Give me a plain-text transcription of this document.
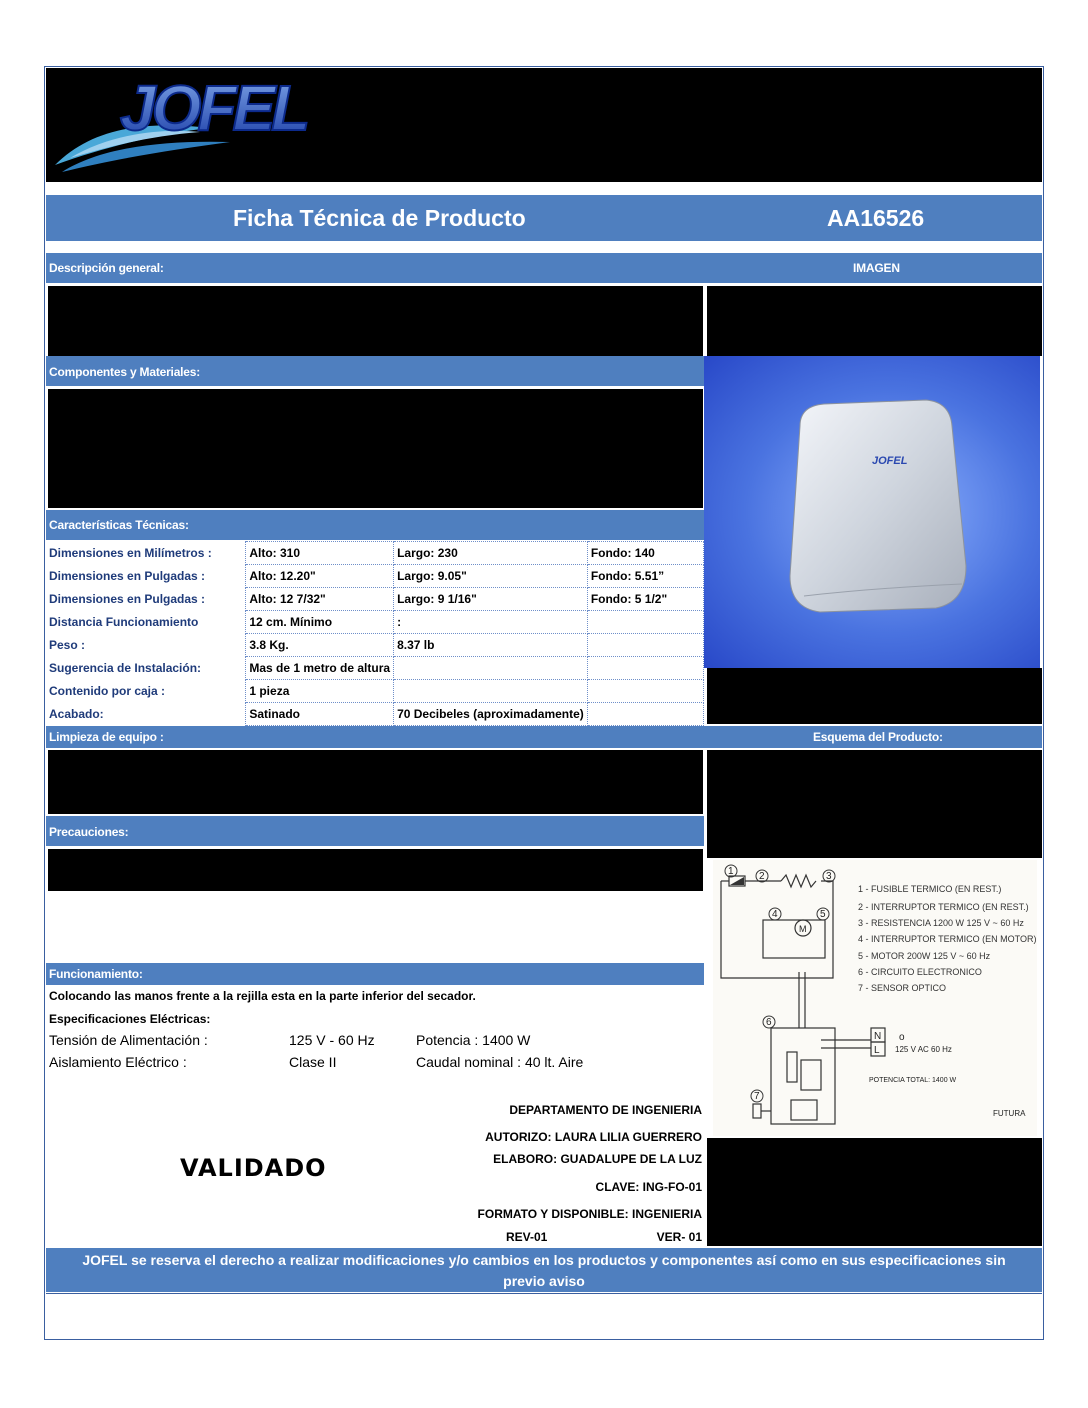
JOFEL
Ficha Técnica de Producto	AA16526
Descripción general:	IMAGEN
Componentes y Materiales:
JOFEL
Características Técnicas:
Dimensiones en Milímetros :	Alto: 310	Largo: 230	Fondo: 140
Dimensiones en Pulgadas :	Alto: 12.20"	Largo: 9.05"	Fondo: 5.51”
Dimensiones en Pulgadas :	Alto: 12 7/32"	Largo: 9 1/16"	Fondo: 5 1/2"
Distancia Funcionamiento	12 cm. Mínimo	:	
Peso :	3.8 Kg.	8.37 lb	
Sugerencia de Instalación:	Mas de 1 metro de altura		
Contenido por caja :	1 pieza		
Acabado:	Satinado	70 Decibeles (aproximadamente)	
Limpieza de equipo :	Esquema del Producto:
Precauciones:
1	2	3
4	5
M
6
7
N
L
o
125 V AC 60 Hz
POTENCIA TOTAL: 1400 W
FUTURA
1 - FUSIBLE TERMICO (EN REST.)
2 - INTERRUPTOR TERMICO (EN REST.)
3 - RESISTENCIA 1200 W 125 V ~ 60 Hz
4 - INTERRUPTOR TERMICO (EN MOTOR)
5 - MOTOR 200W 125 V ~ 60 Hz
6 - CIRCUITO ELECTRONICO
7 - SENSOR OPTICO
Funcionamiento:
Colocando las manos frente a la rejilla esta en la parte inferior del secador.
Especificaciones Eléctricas:
Tensión de Alimentación :	125 V - 60 Hz	Potencia : 1400 W
Aislamiento Eléctrico :	Clase II	Caudal nominal : 40 lt. Aire
VALIDADO
DEPARTAMENTO DE INGENIERIA
AUTORIZO: LAURA LILIA GUERRERO
ELABORO: GUADALUPE DE LA LUZ
CLAVE: ING-FO-01
FORMATO Y DISPONIBLE: INGENIERIA
REV-01	VER- 01
JOFEL se reserva el derecho a realizar modificaciones y/o cambios en los productos y componentes así como en sus especificaciones sin previo aviso
